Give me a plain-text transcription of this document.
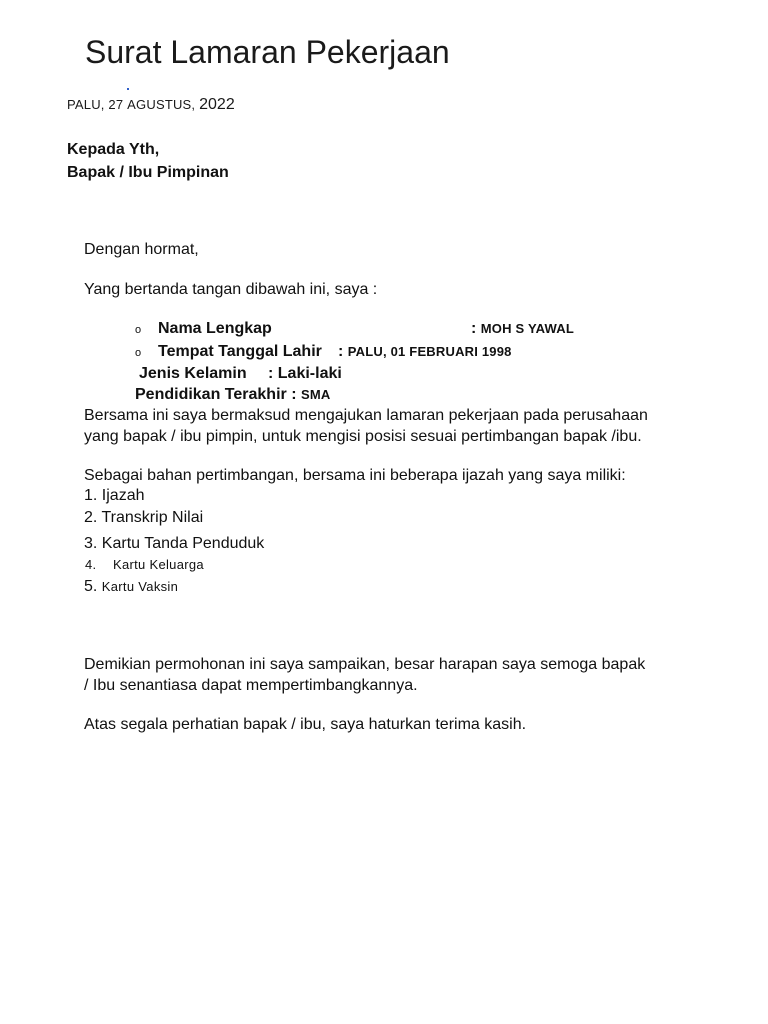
Surat Lamaran Pekerjaan
PALU, 27 AGUSTUS, 2022
Kepada Yth,
Bapak / Ibu Pimpinan
Dengan hormat,
Yang bertanda tangan dibawah ini, saya :
o Nama Lengkap	: MOH S YAWAL
o Tempat Tanggal Lahir : PALU, 01 FEBRUARI 1998
Jenis Kelamin : Laki-laki
Pendidikan Terakhir : SMA
Bersama ini saya bermaksud mengajukan lamaran pekerjaan pada perusahaan
yang bapak / ibu pimpin, untuk mengisi posisi sesuai pertimbangan bapak /ibu.
Sebagai bahan pertimbangan, bersama ini beberapa ijazah yang saya miliki:
1. Ijazah
2. Transkrip Nilai
3. Kartu Tanda Penduduk
4. Kartu Keluarga
5. Kartu Vaksin
Demikian permohonan ini saya sampaikan, besar harapan saya semoga bapak
/ Ibu senantiasa dapat mempertimbangkannya.
Atas segala perhatian bapak / ibu, saya haturkan terima kasih.
